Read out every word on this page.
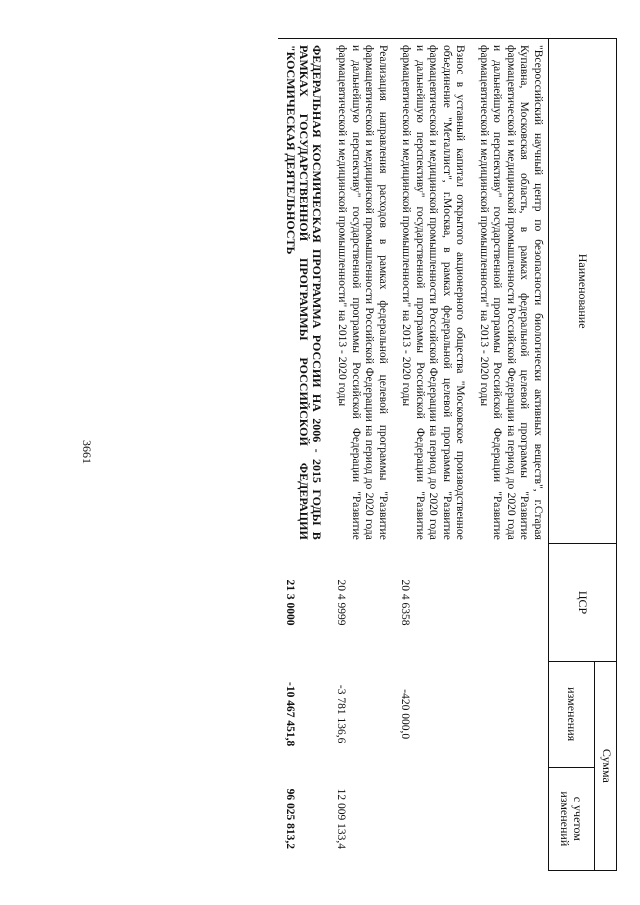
3661
Наименование	ЦСР	Сумма	
		изменения	с учетом изменений
"Всероссийский научный центр по безопасности биологически активных веществ", г.Старая Купавна, Московская область, в рамках федеральной целевой программы "Развитие фармацевтической и медицинской промышленности Российской Федерации на период до 2020 года и дальнейшую перспективу" государственной программы Российской Федерации "Развитие фармацевтической и медицинской промышленности" на 2013 - 2020 годы			
Взнос в уставный капитал открытого акционерного общества "Московское производственное объединение "Металлист", г.Москва, в рамках федеральной целевой программы "Развитие фармацевтической и медицинской промышленности Российской Федерации на период до 2020 года и дальнейшую перспективу" государственной программы Российской Федерации "Развитие фармацевтической и медицинской промышленности" на 2013 - 2020 годы	20 4 6358	-420 000,0	
Реализация направления расходов в рамках федеральной целевой программы "Развитие фармацевтической и медицинской промышленности Российской Федерации на период до 2020 года и дальнейшую перспективу" государственной программы Российской Федерации "Развитие фармацевтической и медицинской промышленности" на 2013 - 2020 годы	20 4 9999	-3 781 136,6	12 009 133,4
ФЕДЕРАЛЬНАЯ КОСМИЧЕСКАЯ ПРОГРАММА РОССИИ НА 2006 - 2015 ГОДЫ В РАМКАХ ГОСУДАРСТВЕННОЙ ПРОГРАММЫ РОССИЙСКОЙ ФЕДЕРАЦИИ "КОСМИЧЕСКАЯ ДЕЯТЕЛЬНОСТЬ	21 3 0000	-10 467 451,8	96 025 813,2
